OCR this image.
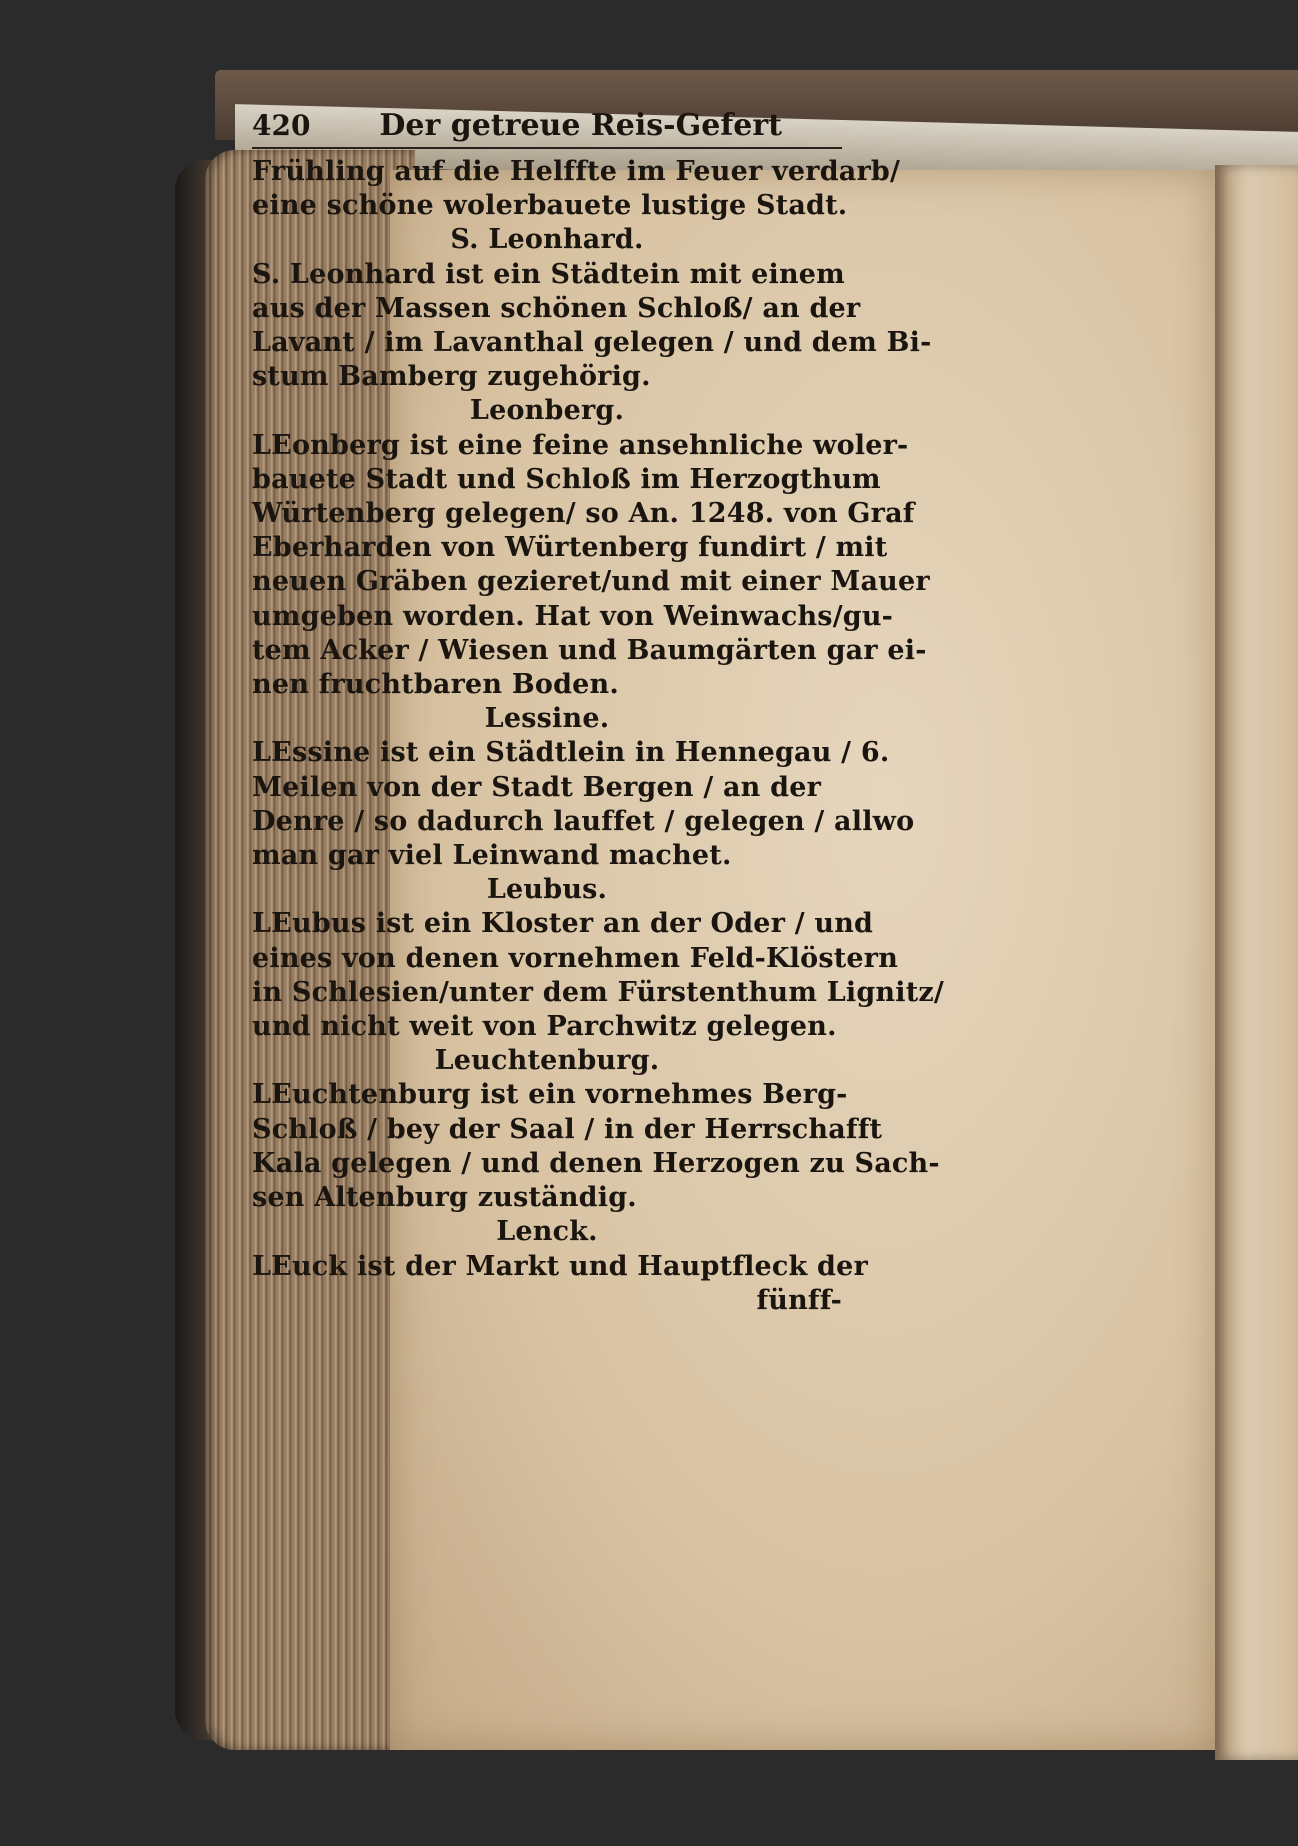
420 Der getreue Reis-Gefert
Frühling auf die Helffte im Feuer verdarb/
eine schöne wolerbauete lustige Stadt.
S. Leonhard.
S. Leonhard ist ein Städtein mit einem
aus der Massen schönen Schloß/ an der
Lavant / im Lavanthal gelegen / und dem Bi-
stum Bamberg zugehörig.
Leonberg.
LEonberg ist eine feine ansehnliche woler-
bauete Stadt und Schloß im Herzogthum
Würtenberg gelegen/ so An. 1248. von Graf
Eberharden von Würtenberg fundirt / mit
neuen Gräben gezieret/und mit einer Mauer
umgeben worden. Hat von Weinwachs/gu-
tem Acker / Wiesen und Baumgärten gar ei-
nen fruchtbaren Boden.
Lessine.
LEssine ist ein Städtlein in Hennegau / 6.
Meilen von der Stadt Bergen / an der
Denre / so dadurch lauffet / gelegen / allwo
man gar viel Leinwand machet.
Leubus.
LEubus ist ein Kloster an der Oder / und
eines von denen vornehmen Feld-Klöstern
in Schlesien/unter dem Fürstenthum Lignitz/
und nicht weit von Parchwitz gelegen.
Leuchtenburg.
LEuchtenburg ist ein vornehmes Berg-
Schloß / bey der Saal / in der Herrschafft
Kala gelegen / und denen Herzogen zu Sach-
sen Altenburg zuständig.
Lenck.
LEuck ist der Markt und Hauptfleck der
fünff-
